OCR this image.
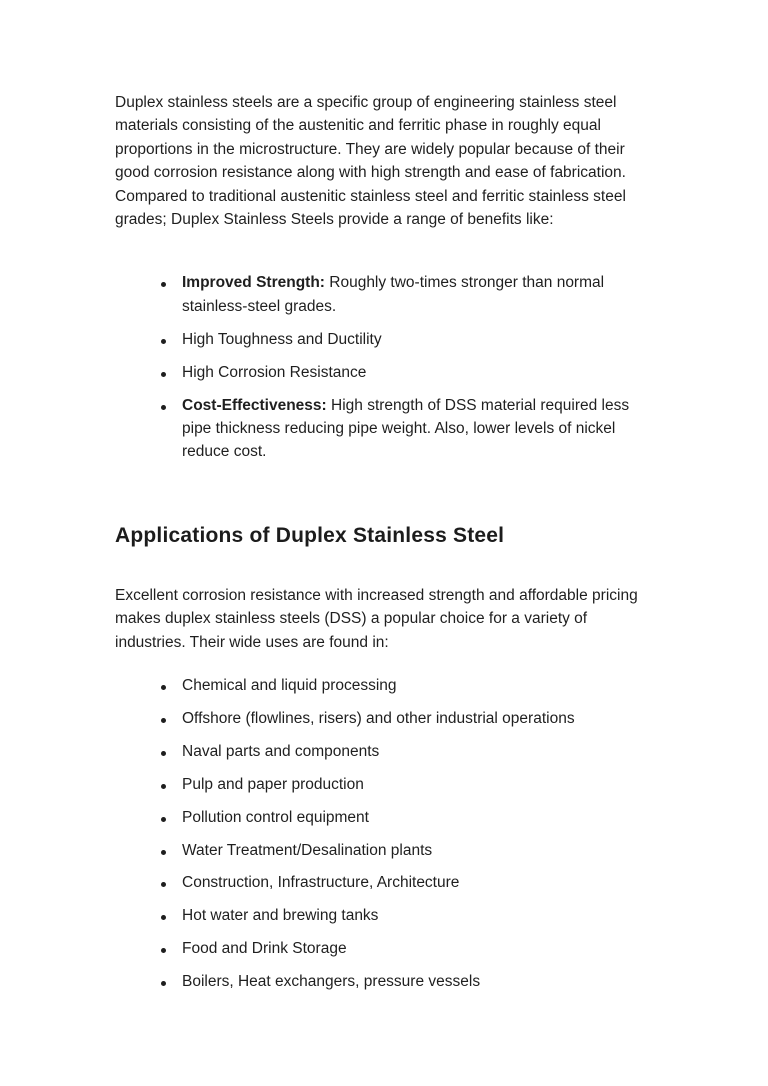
Duplex stainless steels are a specific group of engineering stainless steel materials consisting of the austenitic and ferritic phase in roughly equal proportions in the microstructure. They are widely popular because of their good corrosion resistance along with high strength and ease of fabrication. Compared to traditional austenitic stainless steel and ferritic stainless steel grades; Duplex Stainless Steels provide a range of benefits like:

Improved Strength: Roughly two-times stronger than normal stainless-steel grades.
High Toughness and Ductility
High Corrosion Resistance
Cost-Effectiveness: High strength of DSS material required less pipe thickness reducing pipe weight. Also, lower levels of nickel reduce cost.
Applications of Duplex Stainless Steel

Excellent corrosion resistance with increased strength and affordable pricing makes duplex stainless steels (DSS) a popular choice for a variety of industries. Their wide uses are found in:

Chemical and liquid processing
Offshore (flowlines, risers) and other industrial operations
Naval parts and components
Pulp and paper production
Pollution control equipment
Water Treatment/Desalination plants
Construction, Infrastructure, Architecture
Hot water and brewing tanks
Food and Drink Storage
Boilers, Heat exchangers, pressure vessels
